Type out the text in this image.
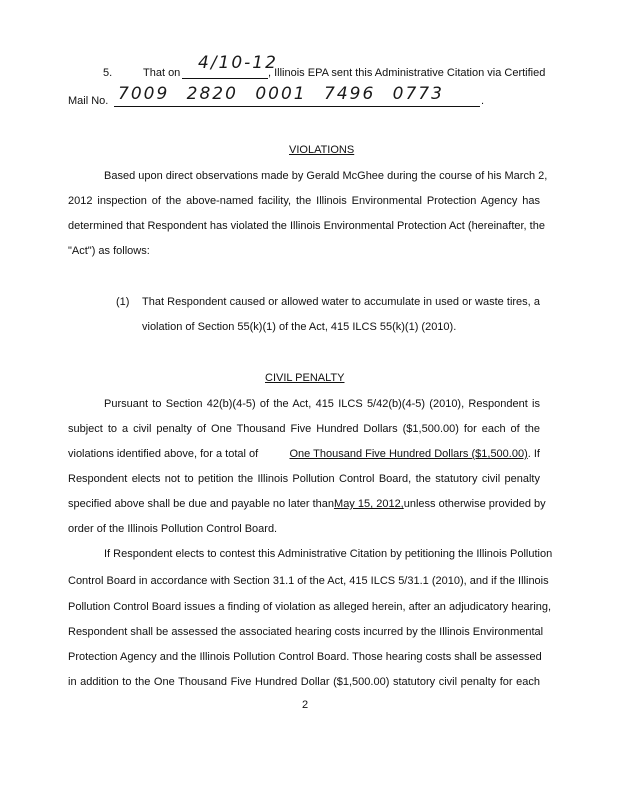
5.	That on 4/10-12
, Illinois EPA sent this Administrative Citation via Certified
Mail No. 7009 2820 0001 7496 0773	.
VIOLATIONS
Based upon direct observations made by Gerald McGhee during the course of his March 2,
2012 inspection of the above-named facility, the Illinois Environmental Protection Agency has
determined that Respondent has violated the Illinois Environmental Protection Act (hereinafter, the
"Act") as follows:
(1) That Respondent caused or allowed water to accumulate in used or waste tires, a
violation of Section 55(k)(1) of the Act, 415 ILCS 55(k)(1) (2010).
CIVIL PENALTY
Pursuant to Section 42(b)(4-5) of the Act, 415 ILCS 5/42(b)(4-5) (2010), Respondent is
subject to a civil penalty of One Thousand Five Hundred Dollars ($1,500.00) for each of the
violations identified above, for a total of	One Thousand Five Hundred Dollars ($1,500.00). If
Respondent elects not to petition the Illinois Pollution Control Board, the statutory civil penalty
specified above shall be due and payable no later than May 15, 2012, unless otherwise provided by
order of the Illinois Pollution Control Board.
If Respondent elects to contest this Administrative Citation by petitioning the Illinois Pollution
Control Board in accordance with Section 31.1 of the Act, 415 ILCS 5/31.1 (2010), and if the Illinois
Pollution Control Board issues a finding of violation as alleged herein, after an adjudicatory hearing,
Respondent shall be assessed the associated hearing costs incurred by the Illinois Environmental
Protection Agency and the Illinois Pollution Control Board. Those hearing costs shall be assessed
in addition to the One Thousand Five Hundred Dollar ($1,500.00) statutory civil penalty for each
2
